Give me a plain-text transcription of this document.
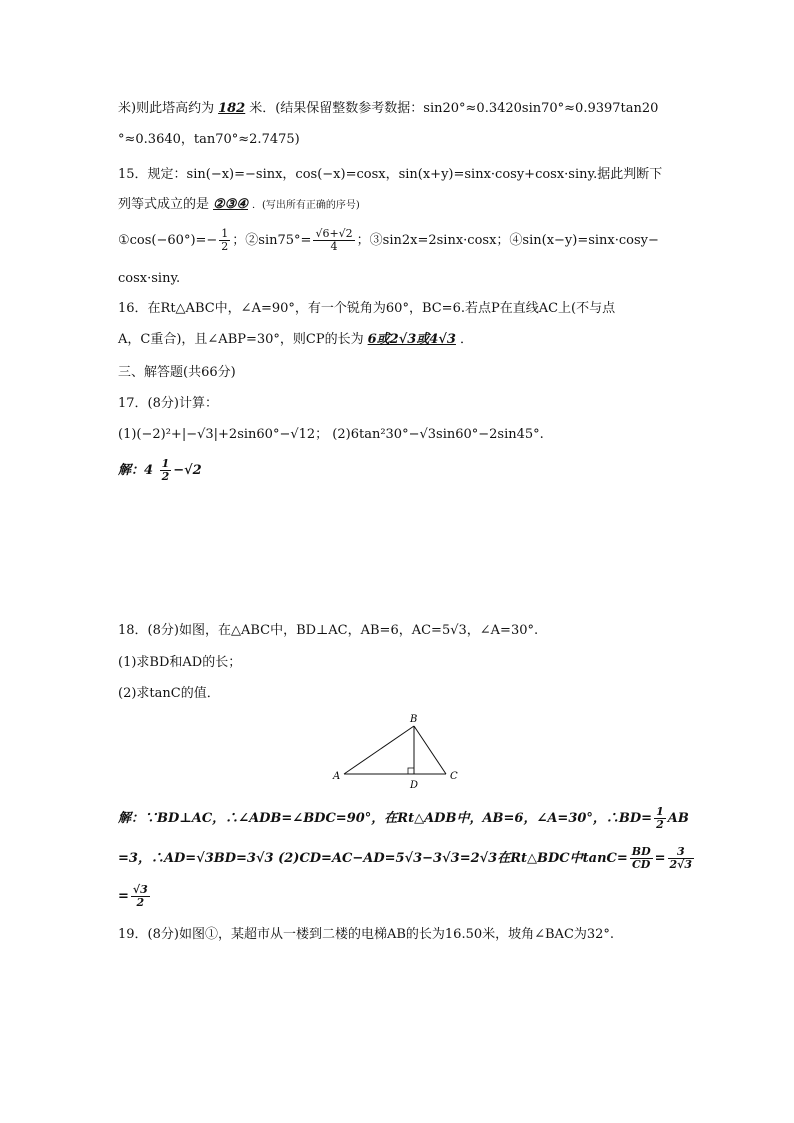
米)则此塔高约为 182 米．(结果保留整数参考数据：sin20°≈0.3420sin70°≈0.9397tan20
°≈0.3640，tan70°≈2.7475)
15．规定：sin(−x)=−sinx，cos(−x)=cosx，sin(x+y)=sinx·cosy+cosx·siny.据此判断下
列等式成立的是 ②③④ ．(写出所有正确的序号)
①cos(−60°)=− $\frac{1}{2}$ ；②sin75°= $\frac{√6+√2}{4}$ ；③sin2x=2sinx·cosx；④sin(x−y)=sinx·cosy−
cosx·siny.
16．在Rt△ABC中，∠A=90°，有一个锐角为60°，BC=6.若点P在直线AC上(不与点
A，C重合)，且∠ABP=30°，则CP的长为 6或2√3或4√3 ．
三、解答题(共66分)
17．(8分)计算：
(1)(−2)²+|−√3|+2sin60°−√12； (2)6tan²30°−√3sin60°−2sin45°.
解：$4 \frac{1}{2} -√2$
18．(8分)如图，在△ABC中，BD⊥AC，AB=6，AC=5√3，∠A=30°.
(1)求BD和AD的长；
(2)求tanC的值．
A
B
C
D
解：∵BD⊥AC，∴∠ADB=∠BDC=90°，在Rt△ADB中，AB=6，∠A=30°，∴BD= $\frac{1}{2}$ AB
=3，∴AD=√3BD=3√3 (2)CD=AC−AD=5√3−3√3=2√3在Rt△BDC中$\tan C= \frac{BD}{CD} = \frac{3}{2√3}$
= $\frac{√3}{2}$
19．(8分)如图①，某超市从一楼到二楼的电梯AB的长为16.50米，坡角∠BAC为32°.
